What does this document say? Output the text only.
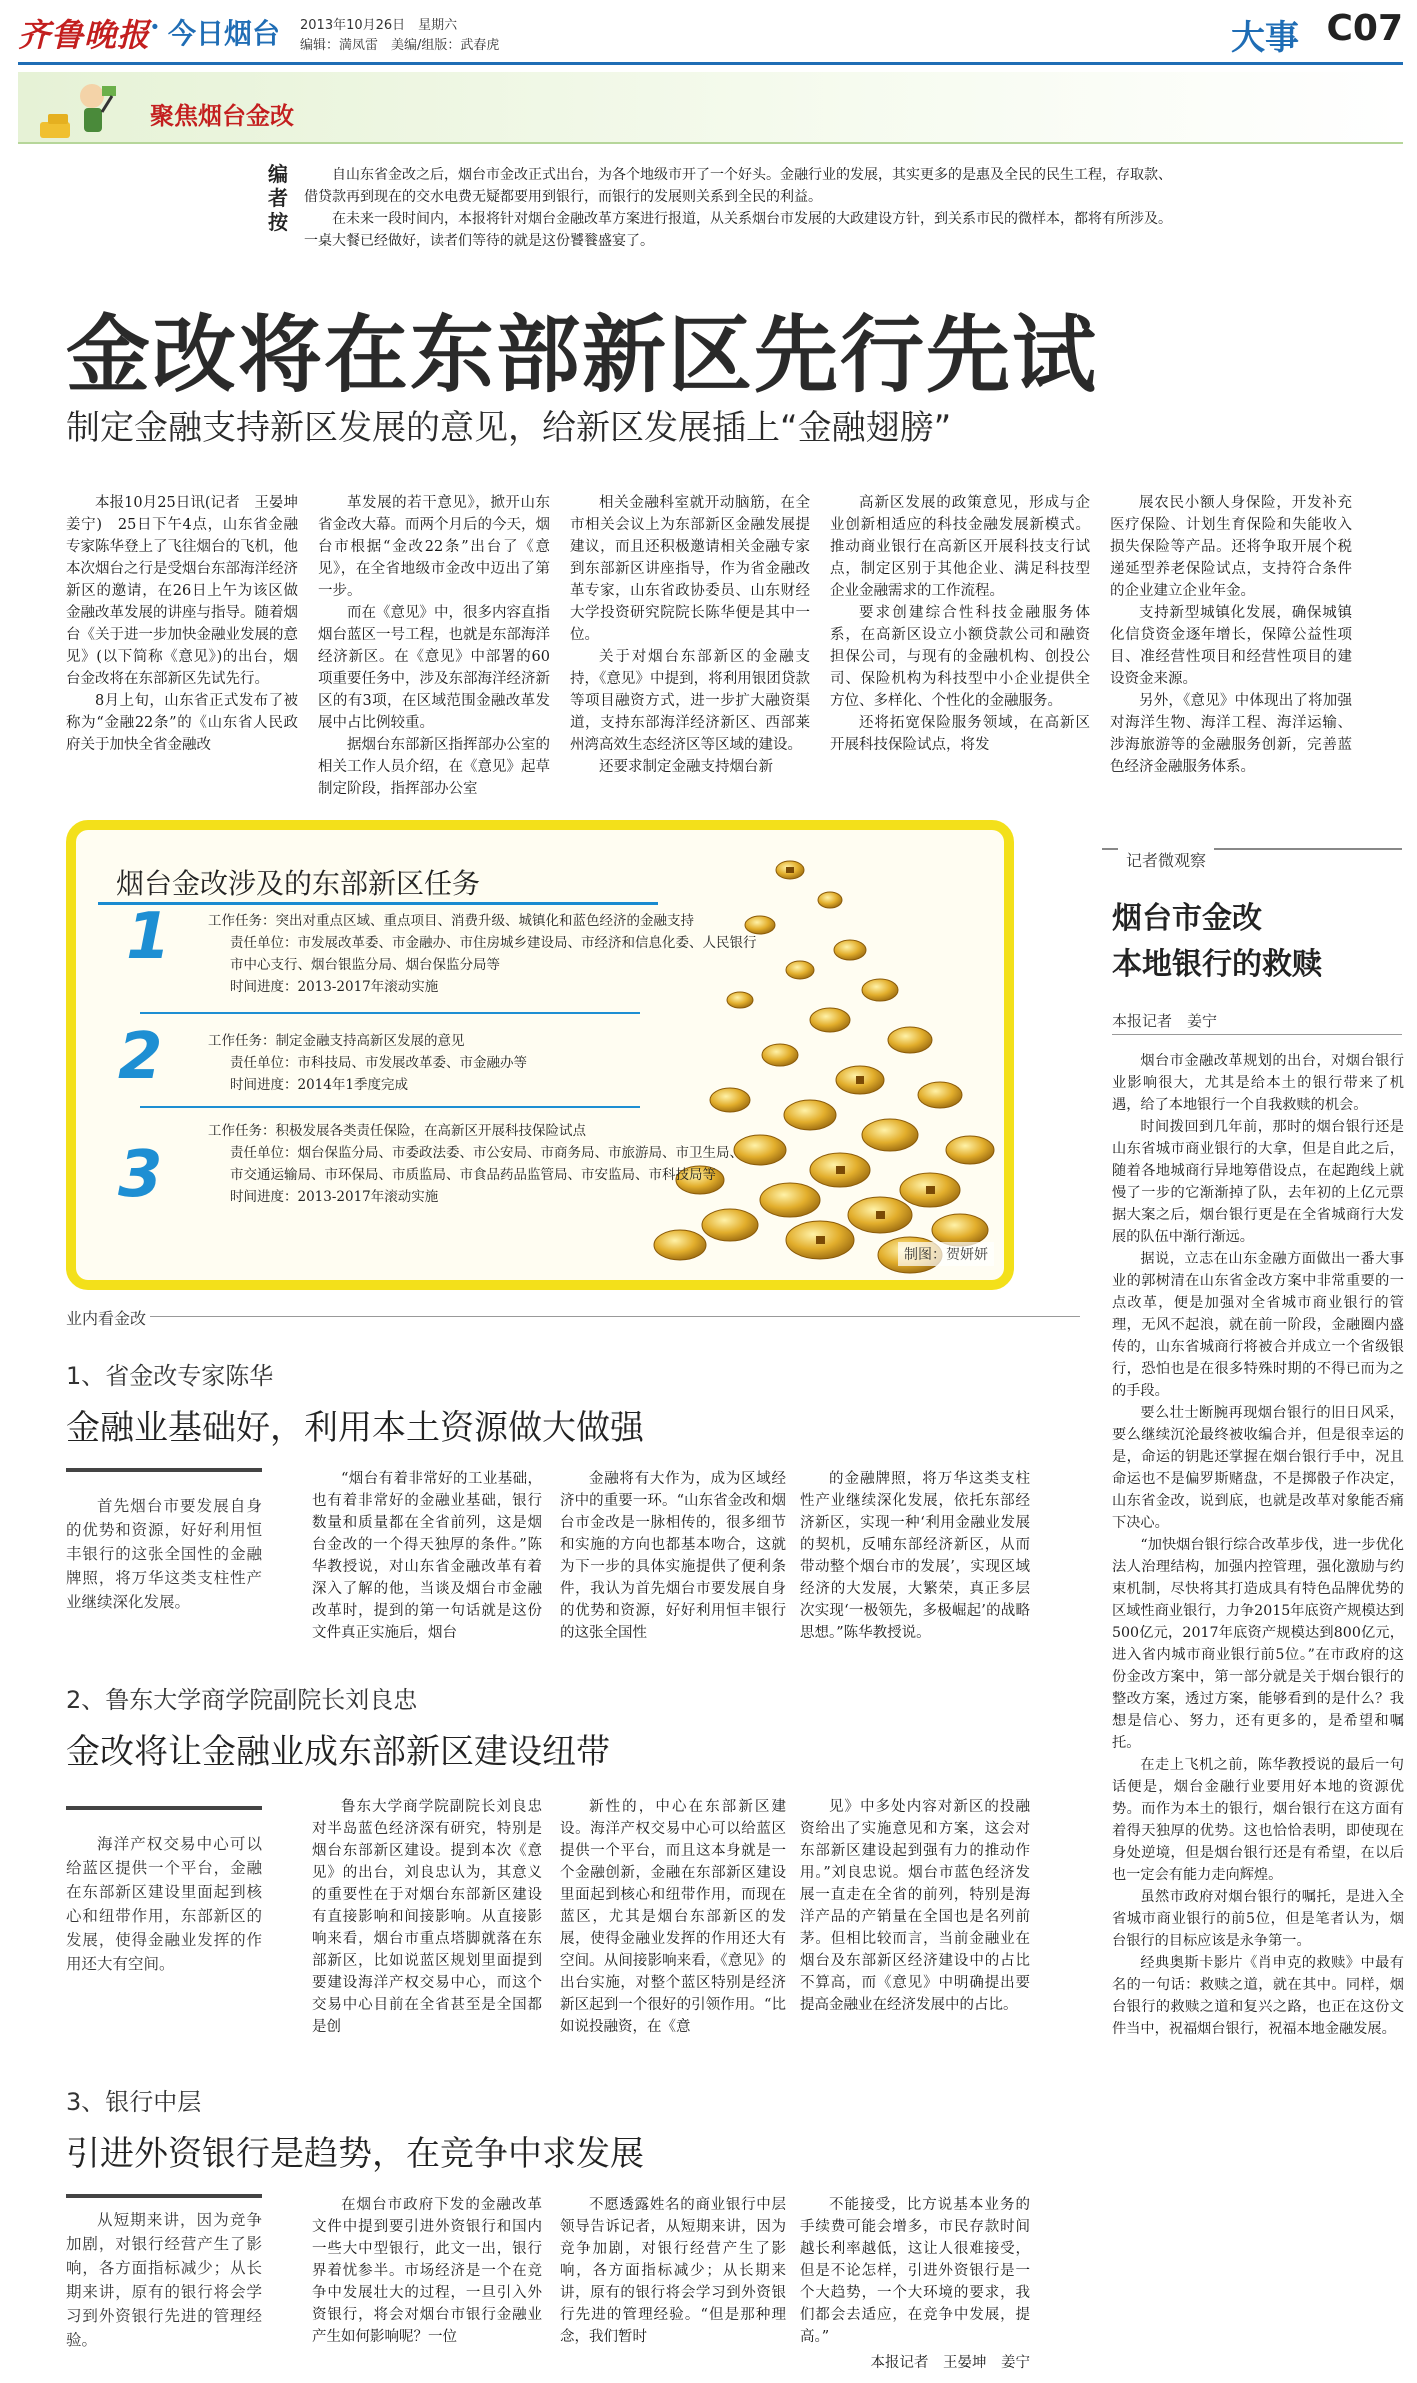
齐鲁晚报 · 今日烟台 2013年10月26日　星期六
编辑：満凤雷　美编/组版：武春虎	大事 C07
聚焦烟台金改
编者按

自山东省金改之后，烟台市金改正式出台，为各个地级市开了一个好头。金融行业的发展，其实更多的是惠及全民的民生工程，存取款、借贷款再到现在的交水电费无疑都要用到银行，而银行的发展则关系到全民的利益。

在未来一段时间内，本报将针对烟台金融改革方案进行报道，从关系烟台市发展的大政建设方针，到关系市民的微样本，都将有所涉及。一桌大餐已经做好，读者们等待的就是这份饕餮盛宴了。

金改将在东部新区先行先试
制定金融支持新区发展的意见，给新区发展插上“金融翅膀”

本报10月25日讯(记者　王晏坤　姜宁)　25日下午4点，山东省金融专家陈华登上了飞往烟台的飞机，他本次烟台之行是受烟台东部海洋经济新区的邀请，在26日上午为该区做金融改革发展的讲座与指导。随着烟台《关于进一步加快金融业发展的意见》(以下简称《意见》)的出台，烟台金改将在东部新区先试先行。

8月上旬，山东省正式发布了被称为“金融22条”的《山东省人民政府关于加快全省金融改

革发展的若干意见》，掀开山东省金改大幕。而两个月后的今天，烟台市根据“金改22条”出台了《意见》，在全省地级市金改中迈出了第一步。

而在《意见》中，很多内容直指烟台蓝区一号工程，也就是东部海洋经济新区。在《意见》中部署的60项重要任务中，涉及东部海洋经济新区的有3项，在区域范围金融改革发展中占比例较重。

据烟台东部新区指挥部办公室的相关工作人员介绍，在《意见》起草制定阶段，指挥部办公室

相关金融科室就开动脑筋，在全市相关会议上为东部新区金融发展提建议，而且还积极邀请相关金融专家到东部新区讲座指导，作为省金融改革专家，山东省政协委员、山东财经大学投资研究院院长陈华便是其中一位。

关于对烟台东部新区的金融支持，《意见》中提到，将利用银团贷款等项目融资方式，进一步扩大融资渠道，支持东部海洋经济新区、西部莱州湾高效生态经济区等区域的建设。

还要求制定金融支持烟台新

高新区发展的政策意见，形成与企业创新相适应的科技金融发展新模式。推动商业银行在高新区开展科技支行试点，制定区别于其他企业、满足科技型企业金融需求的工作流程。

要求创建综合性科技金融服务体系，在高新区设立小额贷款公司和融资担保公司，与现有的金融机构、创投公司、保险机构为科技型中小企业提供全方位、多样化、个性化的金融服务。

还将拓宽保险服务领域，在高新区开展科技保险试点，将发

展农民小额人身保险，开发补充医疗保险、计划生育保险和失能收入损失保险等产品。还将争取开展个税递延型养老保险试点，支持符合条件的企业建立企业年金。

支持新型城镇化发展，确保城镇化信贷资金逐年增长，保障公益性项目、准经营性项目和经营性项目的建设资金来源。

另外，《意见》中体现出了将加强对海洋生物、海洋工程、海洋运输、涉海旅游等的金融服务创新，完善蓝色经济金融服务体系。

烟台金改涉及的东部新区任务
1	工作任务：突出对重点区域、重点项目、消费升级、城镇化和蓝色经济的金融支持
责任单位：市发展改革委、市金融办、市住房城乡建设局、市经济和信息化委、人民银行市中心支行、烟台银监分局、烟台保监分局等
时间进度：2013-2017年滚动实施
2	工作任务：制定金融支持高新区发展的意见
责任单位：市科技局、市发展改革委、市金融办等
时间进度：2014年1季度完成
3
工作任务：积极发展各类责任保险，在高新区开展科技保险试点
责任单位：烟台保监分局、市委政法委、市公安局、市商务局、市旅游局、市卫生局、市交通运输局、市环保局、市质监局、市食品药品监管局、市安监局、市科技局等
时间进度：2013-2017年滚动实施
制图：贺妍妍
记者微观察
烟台市金改
本地银行的救赎
本报记者　姜宁

烟台市金融改革规划的出台，对烟台银行业影响很大，尤其是给本土的银行带来了机遇，给了本地银行一个自我救赎的机会。

时间拨回到几年前，那时的烟台银行还是山东省城市商业银行的大拿，但是自此之后，随着各地城商行异地筹借设点，在起跑线上就慢了一步的它渐渐掉了队，去年初的上亿元票据大案之后，烟台银行更是在全省城商行大发展的队伍中渐行渐远。

据说，立志在山东金融方面做出一番大事业的郭树清在山东省金改方案中非常重要的一点改革，便是加强对全省城市商业银行的管理，无风不起浪，就在前一阶段，金融圈内盛传的，山东省城商行将被合并成立一个省级银行，恐怕也是在很多特殊时期的不得已而为之的手段。

要么壮士断腕再现烟台银行的旧日风采，要么继续沉沦最终被收编合并，但是很幸运的是，命运的钥匙还掌握在烟台银行手中，况且命运也不是偏罗斯赌盘，不是掷骰子作决定，山东省金改，说到底，也就是改革对象能否痛下决心。

“加快烟台银行综合改革步伐，进一步优化法人治理结构，加强内控管理，强化激励与约束机制，尽快将其打造成具有特色品牌优势的区域性商业银行，力争2015年底资产规模达到500亿元，2017年底资产规模达到800亿元，进入省内城市商业银行前5位。”在市政府的这份金改方案中，第一部分就是关于烟台银行的整改方案，透过方案，能够看到的是什么？我想是信心、努力，还有更多的，是希望和嘱托。

在走上飞机之前，陈华教授说的最后一句话便是，烟台金融行业要用好本地的资源优势。而作为本土的银行，烟台银行在这方面有着得天独厚的优势。这也恰恰表明，即使现在身处逆境，但是烟台银行还是有希望，在以后也一定会有能力走向辉煌。

虽然市政府对烟台银行的嘱托，是进入全省城市商业银行的前5位，但是笔者认为，烟台银行的目标应该是永争第一。

经典奥斯卡影片《肖申克的救赎》中最有名的一句话：救赎之道，就在其中。同样，烟台银行的救赎之道和复兴之路，也正在这份文件当中，祝福烟台银行，祝福本地金融发展。

业内看金改
1、省金改专家陈华
金融业基础好，利用本土资源做大做强
首先烟台市要发展自身的优势和资源，好好利用恒丰银行的这张全国性的金融牌照，将万华这类支柱性产业继续深化发展。

“烟台有着非常好的工业基础，也有着非常好的金融业基础，银行数量和质量都在全省前列，这是烟台金改的一个得天独厚的条件。”陈华教授说，对山东省金融改革有着深入了解的他，当谈及烟台市金融改革时，提到的第一句话就是这份文件真正实施后，烟台

金融将有大作为，成为区域经济中的重要一环。“山东省金改和烟台市金改是一脉相传的，很多细节和实施的方向也都基本吻合，这就为下一步的具体实施提供了便利条件，我认为首先烟台市要发展自身的优势和资源，好好利用恒丰银行的这张全国性

的金融牌照，将万华这类支柱性产业继续深化发展，依托东部经济新区，实现一种‘利用金融业发展的契机，反哺东部经济新区，从而带动整个烟台市的发展’，实现区域经济的大发展，大繁荣，真正多层次实现‘一极领先，多极崛起’的战略思想。”陈华教授说。

2、鲁东大学商学院副院长刘良忠
金改将让金融业成东部新区建设纽带
海洋产权交易中心可以给蓝区提供一个平台，金融在东部新区建设里面起到核心和纽带作用，东部新区的发展，使得金融业发挥的作用还大有空间。

鲁东大学商学院副院长刘良忠对半岛蓝色经济深有研究，特别是烟台东部新区建设。提到本次《意见》的出台，刘良忠认为，其意义的重要性在于对烟台东部新区建设有直接影响和间接影响。从直接影响来看，烟台市重点塔脚就落在东部新区，比如说蓝区规划里面提到要建设海洋产权交易中心，而这个交易中心目前在全省甚至是全国都是创

新性的，中心在东部新区建设。海洋产权交易中心可以给蓝区提供一个平台，而且这本身就是一个金融创新，金融在东部新区建设里面起到核心和纽带作用，而现在蓝区，尤其是烟台东部新区的发展，使得金融业发挥的作用还大有空间。从间接影响来看，《意见》的出台实施，对整个蓝区特别是经济新区起到一个很好的引领作用。“比如说投融资，在《意

见》中多处内容对新区的投融资给出了实施意见和方案，这会对东部新区建设起到强有力的推动作用。”刘良忠说。烟台市蓝色经济发展一直走在全省的前列，特别是海洋产品的产销量在全国也是名列前茅。但相比较而言，当前金融业在烟台及东部新区经济建设中的占比不算高，而《意见》中明确提出要提高金融业在经济发展中的占比。

3、银行中层
引进外资银行是趋势，在竞争中求发展
从短期来讲，因为竞争加剧，对银行经营产生了影响，各方面指标减少；从长期来讲，原有的银行将会学习到外资银行先进的管理经验。

在烟台市政府下发的金融改革文件中提到要引进外资银行和国内一些大中型银行，此文一出，银行界着忧参半。市场经济是一个在竞争中发展壮大的过程，一旦引入外资银行，将会对烟台市银行金融业产生如何影响呢？一位

不愿透露姓名的商业银行中层领导告诉记者，从短期来讲，因为竞争加剧，对银行经营产生了影响，各方面指标减少；从长期来讲，原有的银行将会学习到外资银行先进的管理经验。“但是那种理念，我们暂时

不能接受，比方说基本业务的手续费可能会增多，市民存款时间越长利率越低，这让人很难接受，但是不论怎样，引进外资银行是一个大趋势，一个大环境的要求，我们都会去适应，在竞争中发展，提高。”

本报记者　王晏坤　姜宁
